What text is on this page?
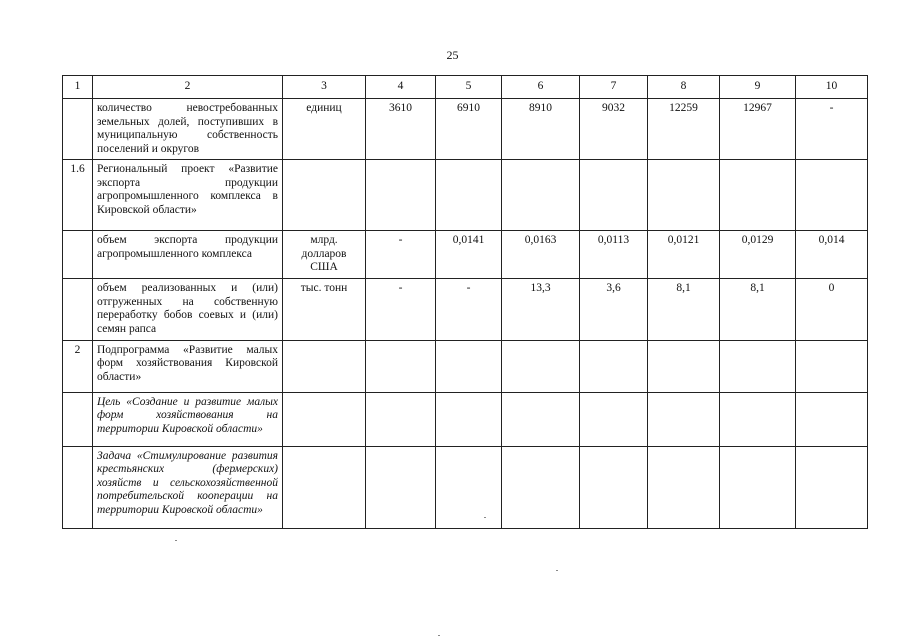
25
1	2	3	4	5	6	7	8	9	10
	количество невостребованных земельных долей, поступивших в муниципальную собственность поселений и округов	единиц	3610	6910	8910	9032	12259	12967	-
1.6	Региональный проект «Развитие экспорта продукции агропромышленного комплекса в Кировской области»								
	объем экспорта продукции агропромышленного комплекса	млрд. долларов США	-	0,0141	0,0163	0,0113	0,0121	0,0129	0,014
	объем реализованных и (или) отгруженных на собственную переработку бобов соевых и (или) семян рапса	тыс. тонн	-	-	13,3	3,6	8,1	8,1	0
2	Подпрограмма «Развитие малых форм хозяйствования Кировской области»								
	Цель «Создание и развитие малых форм хозяйствования на территории Кировской области»								
	Задача «Стимулирование развития крестьянских (фермерских) хозяйств и сельскохозяйственной потребительской кооперации на территории Кировской области»								
